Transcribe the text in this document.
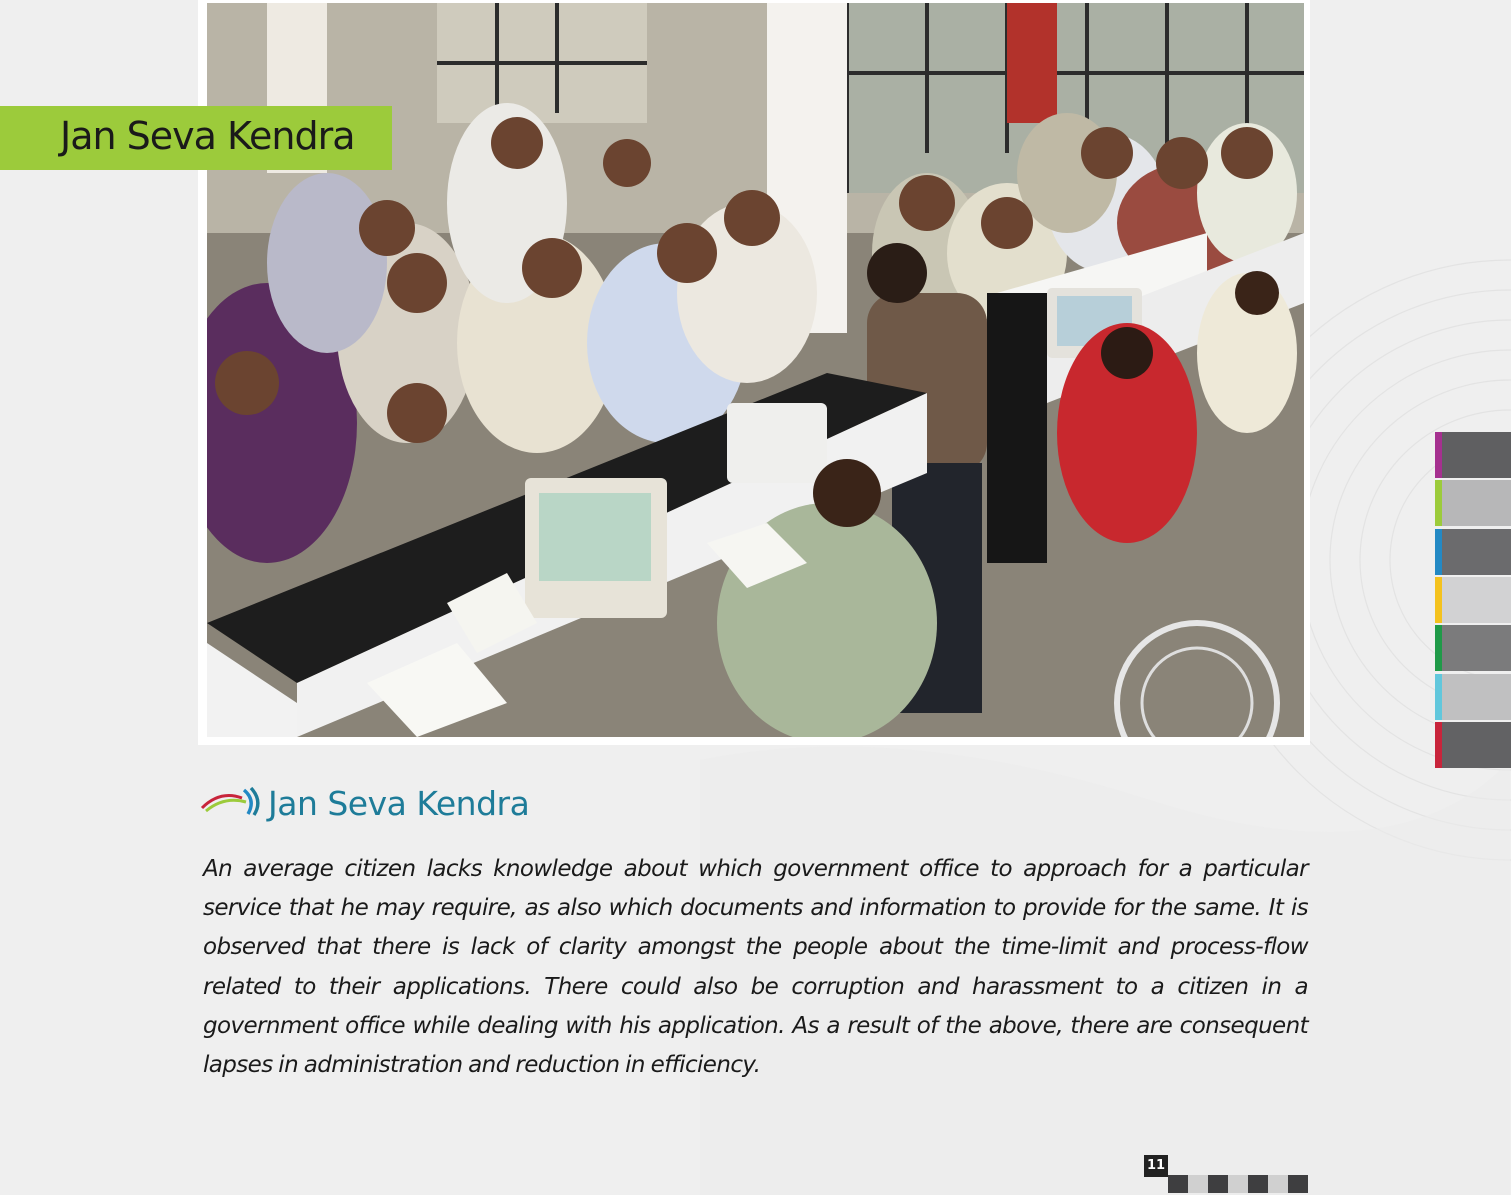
Jan Seva Kendra
Jan Seva Kendra
An average citizen lacks knowledge about which government office to approach for a particular service that he may require, as also which documents and information to provide for the same. It is observed that there is lack of clarity amongst the people about the time-limit and process-flow related to their applications. There could also be corruption and harassment to a citizen in a government office while dealing with his application. As a result of the above, there are consequent lapses in administration and reduction in efficiency.
11
